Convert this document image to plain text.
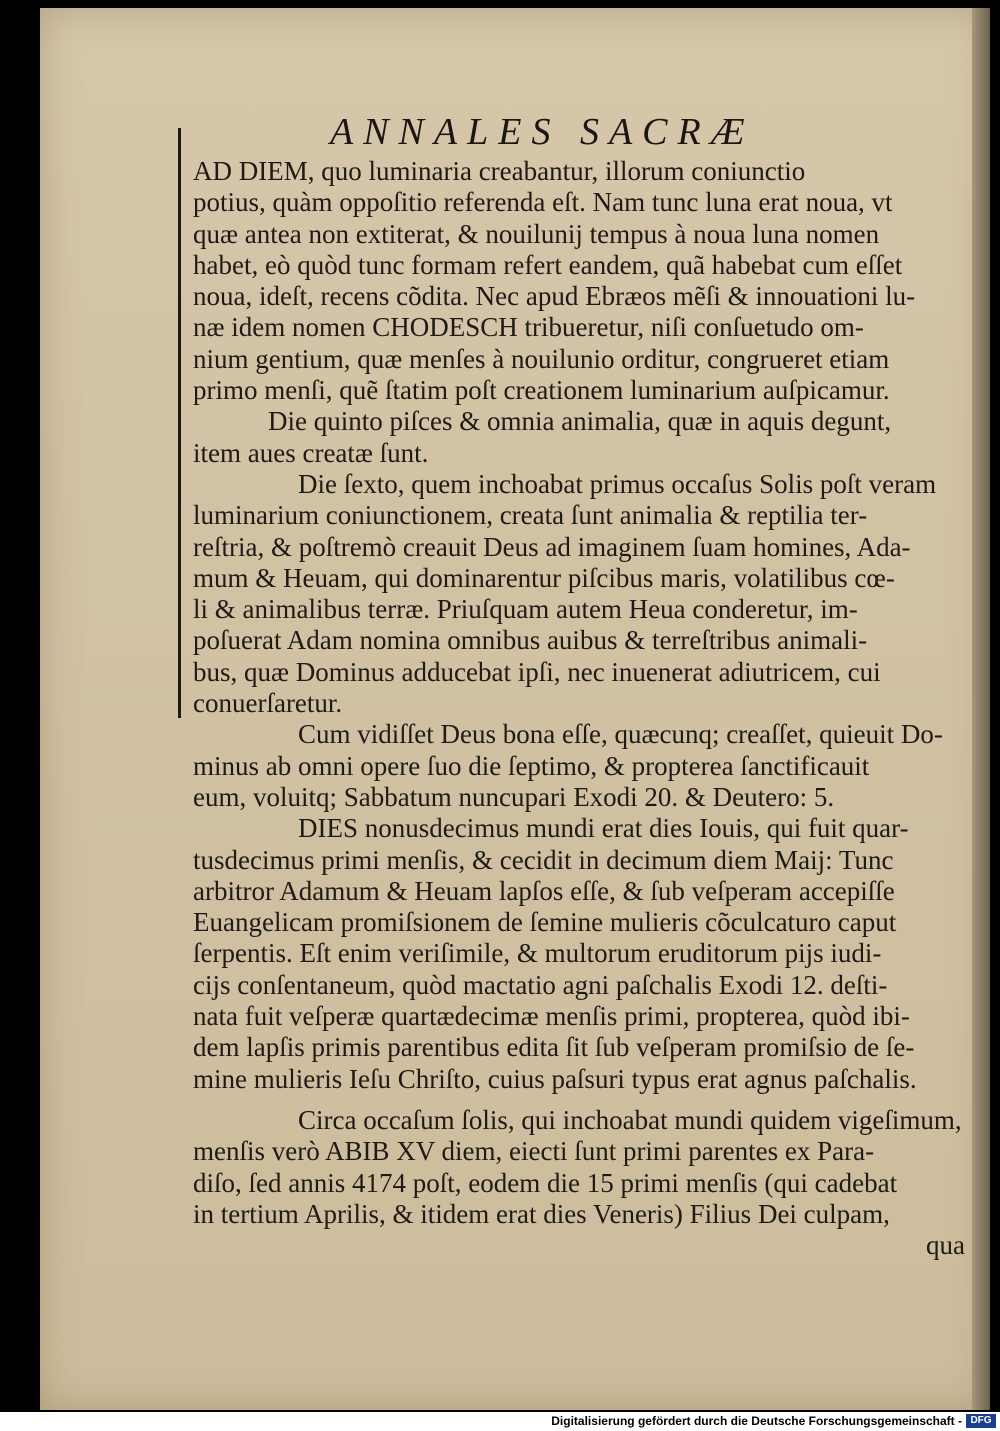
ANNALES SACRÆ
AD DIEM, quo luminaria creabantur, illorum coniunctio
potius, quàm oppoſitio referenda eſt. Nam tunc luna erat noua, vt
quæ antea non extiterat, & nouilunij tempus à noua luna nomen
habet, eò quòd tunc formam refert eandem, quã habebat cum eſſet
noua, ideſt, recens cõdita. Nec apud Ebræos mẽſi & innouationi lu-
næ idem nomen CHODESCH tribueretur, niſi conſuetudo om-
nium gentium, quæ menſes à nouilunio orditur, congrueret etiam
primo menſi, quẽ ſtatim poſt creationem luminarium auſpicamur.
Die quinto piſces & omnia animalia, quæ in aquis degunt,
item aues creatæ ſunt.
Die ſexto, quem inchoabat primus occaſus Solis poſt veram
luminarium coniunctionem, creata ſunt animalia & reptilia ter-
reſtria, & poſtremò creauit Deus ad imaginem ſuam homines, Ada-
mum & Heuam, qui dominarentur piſcibus maris, volatilibus cœ-
li & animalibus terræ. Priuſquam autem Heua conderetur, im-
poſuerat Adam nomina omnibus auibus & terreſtribus animali-
bus, quæ Dominus adducebat ipſi, nec inuenerat adiutricem, cui
conuerſaretur.
Cum vidiſſet Deus bona eſſe, quæcunq; creaſſet, quieuit Do-
minus ab omni opere ſuo die ſeptimo, & propterea ſanctificauit
eum, voluitq; Sabbatum nuncupari Exodi 20. & Deutero: 5.
DIES nonusdecimus mundi erat dies Iouis, qui fuit quar-
tusdecimus primi menſis, & cecidit in decimum diem Maij: Tunc
arbitror Adamum & Heuam lapſos eſſe, & ſub veſperam accepiſſe
Euangelicam promiſsionem de ſemine mulieris cõculcaturo caput
ſerpentis. Eſt enim veriſimile, & multorum eruditorum pijs iudi-
cijs conſentaneum, quòd mactatio agni paſchalis Exodi 12. deſti-
nata fuit veſperæ quartædecimæ menſis primi, propterea, quòd ibi-
dem lapſis primis parentibus edita ſit ſub veſperam promiſsio de ſe-
mine mulieris Ieſu Chriſto, cuius paſsuri typus erat agnus paſchalis.
Circa occaſum ſolis, qui inchoabat mundi quidem vigeſimum,
menſis verò ABIB XV diem, eiecti ſunt primi parentes ex Para-
diſo, ſed annis 4174 poſt, eodem die 15 primi menſis (qui cadebat
in tertium Aprilis, & itidem erat dies Veneris) Filius Dei culpam,
qua
Digitalisierung gefördert durch die Deutsche Forschungsgemeinschaft - DFG
